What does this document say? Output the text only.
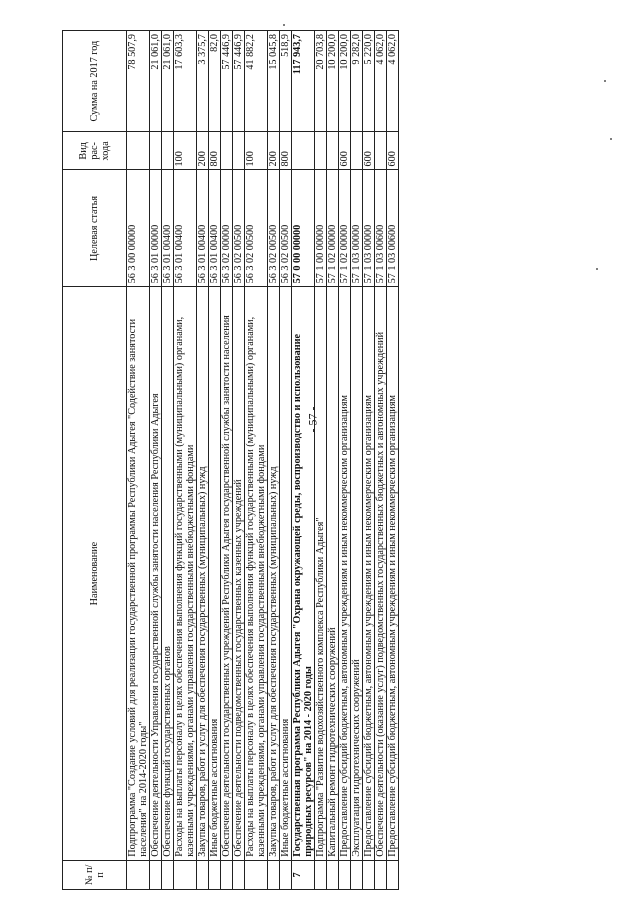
- 57 -
№ п/п	Наименование	Целевая статья	Вид рас-хода	Сумма на 2017 год
	Подпрограмма "Создание условий для реализации государственной программы Республики Адыгея "Содействие занятости населения" на 2014-2020 годы"	56 3 00 00000		78 507,9
	Обеспечение деятельности Управления государственной службы занятости населения Республики Адыгея	56 3 01 00000		21 061,0
	Обеспечение функций государственных органов	56 3 01 00400		21 061,0
	Расходы на выплаты персоналу в целях обеспечения выполнения функций государственными (муниципальными) органами, казенными учреждениями, органами управления государственными внебюджетными фондами	56 3 01 00400	100	17 603,3
	Закупка товаров, работ и услуг для обеспечения государственных (муниципальных) нужд	56 3 01 00400	200	3 375,7
	Иные бюджетные ассигнования	56 3 01 00400	800	82,0
	Обеспечение деятельности государственных учреждений Республики Адыгея государственной службы занятости населения	56 3 02 00000		57 446,9
	Обеспечение деятельности подведомственных государственных казенных учреждений	56 3 02 00500		57 446,9
	Расходы на выплаты персоналу в целях обеспечения выполнения функций государственными (муниципальными) органами, казенными учреждениями, органами управления государственными внебюджетными фондами	56 3 02 00500	100	41 882,2
	Закупка товаров, работ и услуг для обеспечения государственных (муниципальных) нужд	56 3 02 00500	200	15 045,8
	Иные бюджетные ассигнования	56 3 02 00500	800	518,9
7	Государственная программа Республики Адыгея "Охрана окружающей среды, воспроизводство и использование природных ресурсов" на 2014 - 2020 годы	57 0 00 00000		117 943,7
	Подпрограмма "Развитие водохозяйственного комплекса Республики Адыгея"	57 1 00 00000		20 703,8
	Капитальный ремонт гидротехнических сооружений	57 1 02 00000		10 200,0
	Предоставление субсидий бюджетным, автономным учреждениям и иным некоммерческим организациям	57 1 02 00000	600	10 200,0
	Эксплуатация гидротехнических сооружений	57 1 03 00000		9 282,0
	Предоставление субсидий бюджетным, автономным учреждениям и иным некоммерческим организациям	57 1 03 00000	600	5 220,0
	Обеспечение деятельности (оказание услуг) подведомственных государственных бюджетных и автономных учреждений	57 1 03 00600		4 062,0
	Предоставление субсидий бюджетным, автономным учреждениям и иным некоммерческим организациям	57 1 03 00600	600	4 062,0
